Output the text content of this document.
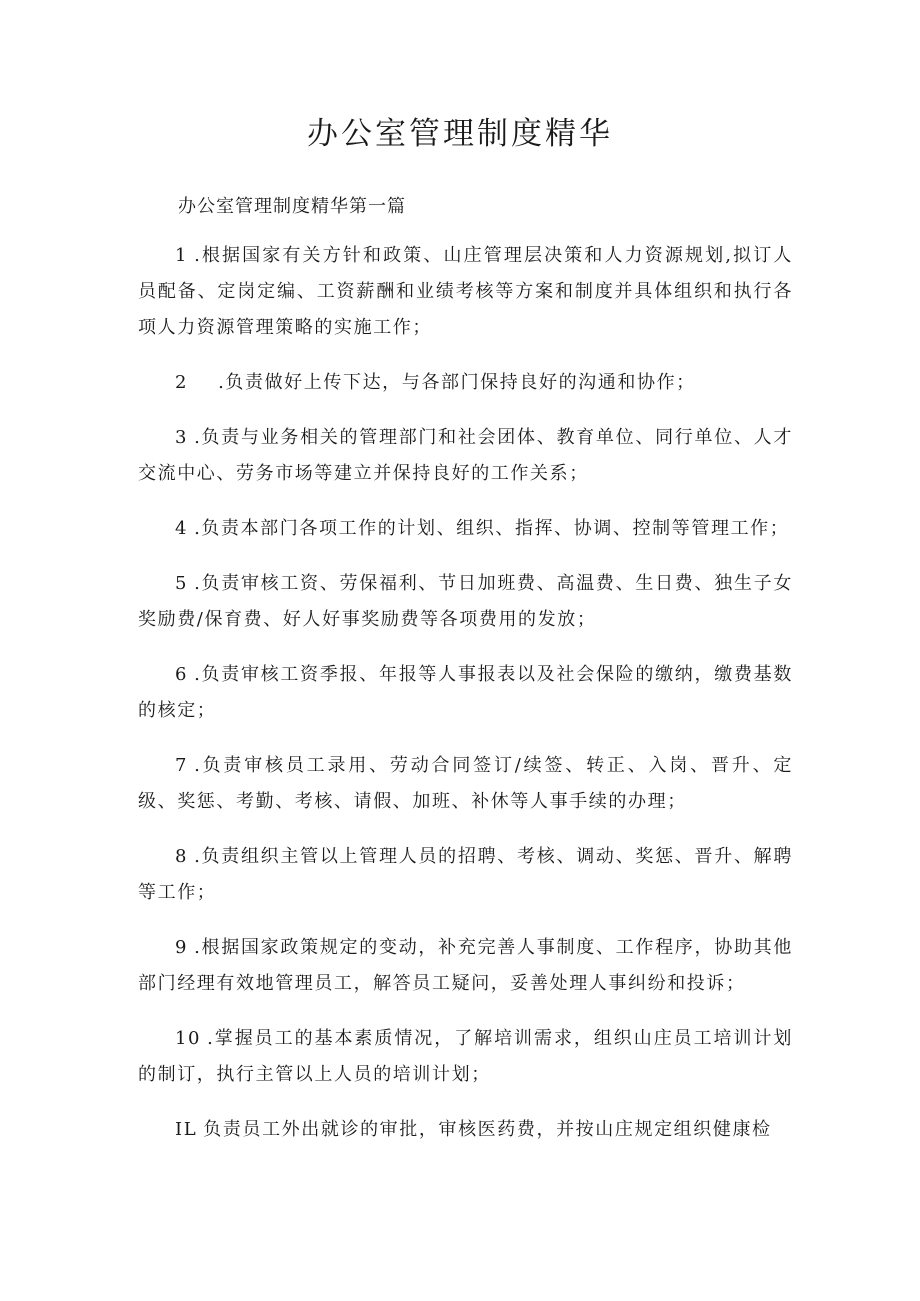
办公室管理制度精华

办公室管理制度精华第一篇

1 .根据国家有关方针和政策、山庄管理层决策和人力资源规划,拟订人员配备、定岗定编、工资薪酬和业绩考核等方案和制度并具体组织和执行各项人力资源管理策略的实施工作；

2 .负责做好上传下达，与各部门保持良好的沟通和协作；

3 .负责与业务相关的管理部门和社会团体、教育单位、同行单位、人才交流中心、劳务市场等建立并保持良好的工作关系；

4 .负责本部门各项工作的计划、组织、指挥、协调、控制等管理工作；

5 .负责审核工资、劳保福利、节日加班费、高温费、生日费、独生子女奖励费/保育费、好人好事奖励费等各项费用的发放；

6 .负责审核工资季报、年报等人事报表以及社会保险的缴纳，缴费基数的核定；

7 .负责审核员工录用、劳动合同签订/续签、转正、入岗、晋升、定级、奖惩、考勤、考核、请假、加班、补休等人事手续的办理；

8 .负责组织主管以上管理人员的招聘、考核、调动、奖惩、晋升、解聘等工作；

9 .根据国家政策规定的变动，补充完善人事制度、工作程序，协助其他部门经理有效地管理员工，解答员工疑问，妥善处理人事纠纷和投诉；

10 .掌握员工的基本素质情况，了解培训需求，组织山庄员工培训计划的制订，执行主管以上人员的培训计划；

IL 负责员工外出就诊的审批，审核医药费，并按山庄规定组织健康检
